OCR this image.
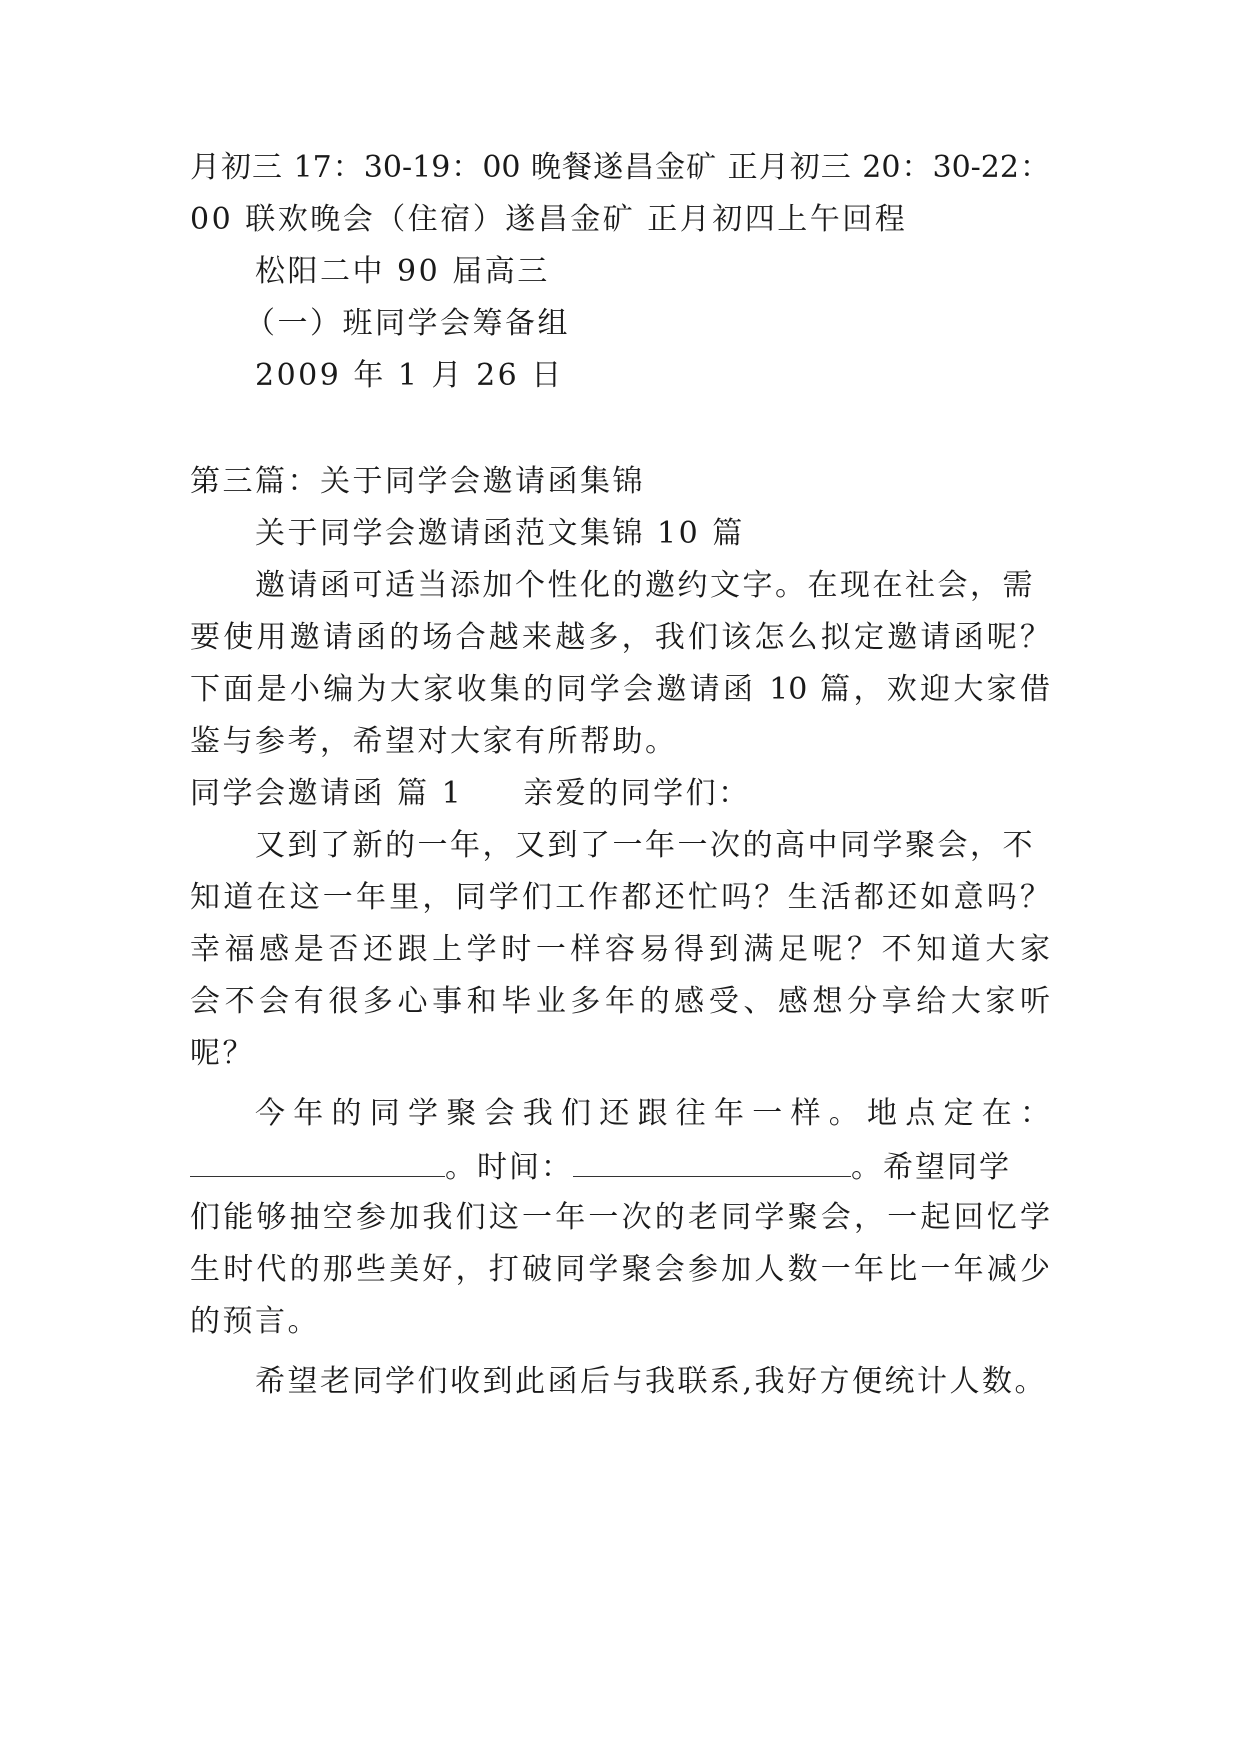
月初三 17：30-19：00 晚餐遂昌金矿 正月初三 20：30-22：
00 联欢晚会（住宿）遂昌金矿 正月初四上午回程
松阳二中 90 届高三
（一）班同学会筹备组
2009 年 1 月 26 日
第三篇：关于同学会邀请函集锦
关于同学会邀请函范文集锦 10 篇
邀请函可适当添加个性化的邀约文字。在现在社会，需
要使用邀请函的场合越来越多，我们该怎么拟定邀请函呢？
下面是小编为大家收集的同学会邀请函 10 篇，欢迎大家借
鉴与参考，希望对大家有所帮助。
同学会邀请函 篇 1 亲爱的同学们：
又到了新的一年，又到了一年一次的高中同学聚会，不
知道在这一年里，同学们工作都还忙吗？生活都还如意吗？
幸福感是否还跟上学时一样容易得到满足呢？不知道大家
会不会有很多心事和毕业多年的感受、感想分享给大家听
呢？
今年的同学聚会我们还跟往年一样。地点定在：
。时间：	。希望同学
们能够抽空参加我们这一年一次的老同学聚会，一起回忆学
生时代的那些美好，打破同学聚会参加人数一年比一年减少
的预言。
希望老同学们收到此函后与我联系,我好方便统计人数。
